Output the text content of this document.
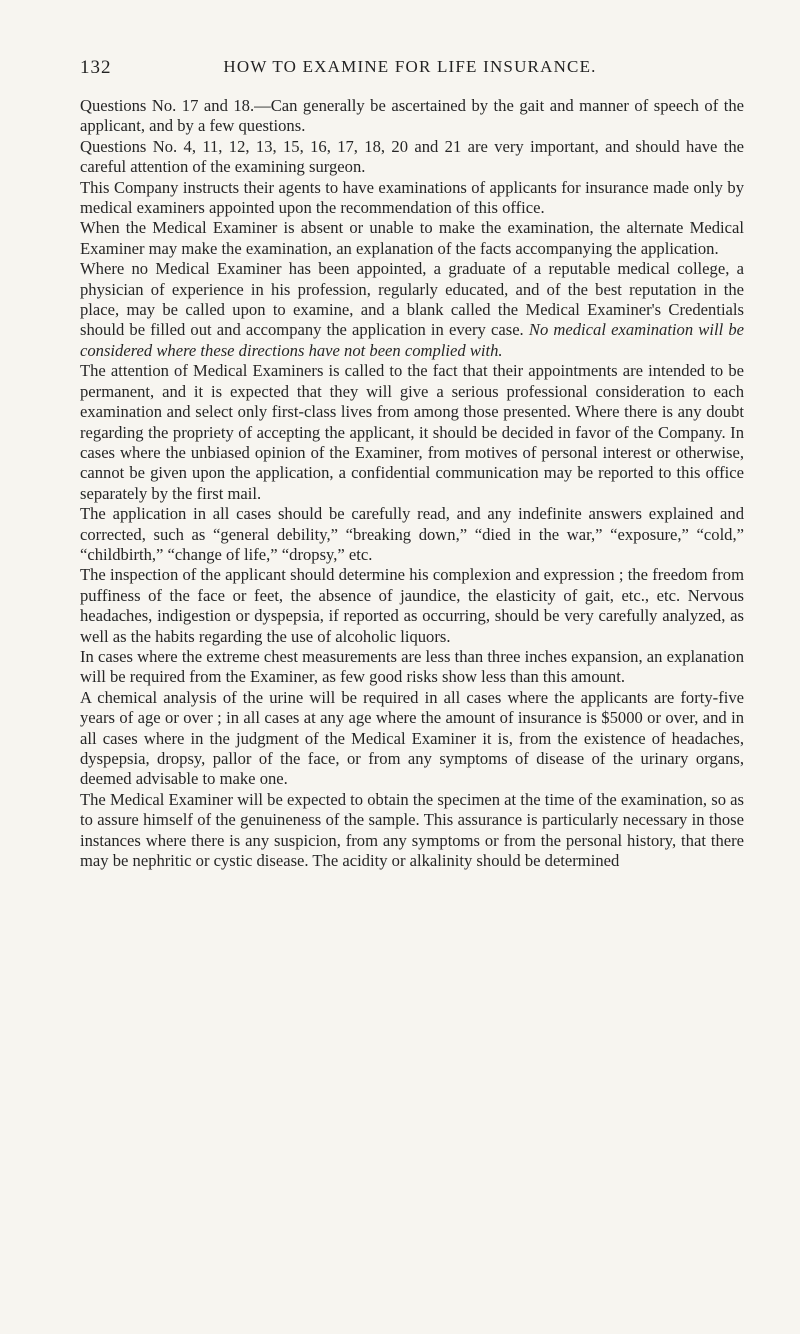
132	HOW TO EXAMINE FOR LIFE INSURANCE.

Questions No. 17 and 18.—Can generally be ascertained by the gait and manner of speech of the applicant, and by a few questions.

Questions No. 4, 11, 12, 13, 15, 16, 17, 18, 20 and 21 are very important, and should have the careful attention of the examining surgeon.

This Company instructs their agents to have examinations of applicants for insurance made only by medical examiners appointed upon the recommendation of this office.

When the Medical Examiner is absent or unable to make the examination, the alternate Medical Examiner may make the examination, an explanation of the facts accompanying the application.

Where no Medical Examiner has been appointed, a graduate of a reputable medical college, a physician of experience in his profession, regularly educated, and of the best reputation in the place, may be called upon to examine, and a blank called the Medical Examiner's Credentials should be filled out and accompany the application in every case. No medical examination will be considered where these directions have not been complied with.

The attention of Medical Examiners is called to the fact that their appointments are intended to be permanent, and it is expected that they will give a serious professional consideration to each examination and select only first-class lives from among those presented. Where there is any doubt regarding the propriety of accepting the applicant, it should be decided in favor of the Company. In cases where the unbiased opinion of the Examiner, from motives of personal interest or otherwise, cannot be given upon the application, a confidential communication may be reported to this office separately by the first mail.

The application in all cases should be carefully read, and any indefinite answers explained and corrected, such as “general debility,” “breaking down,” “died in the war,” “exposure,” “cold,” “childbirth,” “change of life,” “dropsy,” etc.

The inspection of the applicant should determine his complexion and expression ; the freedom from puffiness of the face or feet, the absence of jaundice, the elasticity of gait, etc., etc. Nervous headaches, indigestion or dyspepsia, if reported as occurring, should be very carefully analyzed, as well as the habits regarding the use of alcoholic liquors.

In cases where the extreme chest measurements are less than three inches expansion, an explanation will be required from the Examiner, as few good risks show less than this amount.

A chemical analysis of the urine will be required in all cases where the applicants are forty-five years of age or over ; in all cases at any age where the amount of insurance is $5000 or over, and in all cases where in the judgment of the Medical Examiner it is, from the existence of headaches, dyspepsia, dropsy, pallor of the face, or from any symptoms of disease of the urinary organs, deemed advisable to make one.

The Medical Examiner will be expected to obtain the specimen at the time of the examination, so as to assure himself of the genuineness of the sample. This assurance is particularly necessary in those instances where there is any suspicion, from any symptoms or from the personal history, that there may be nephritic or cystic disease. The acidity or alkalinity should be determined
